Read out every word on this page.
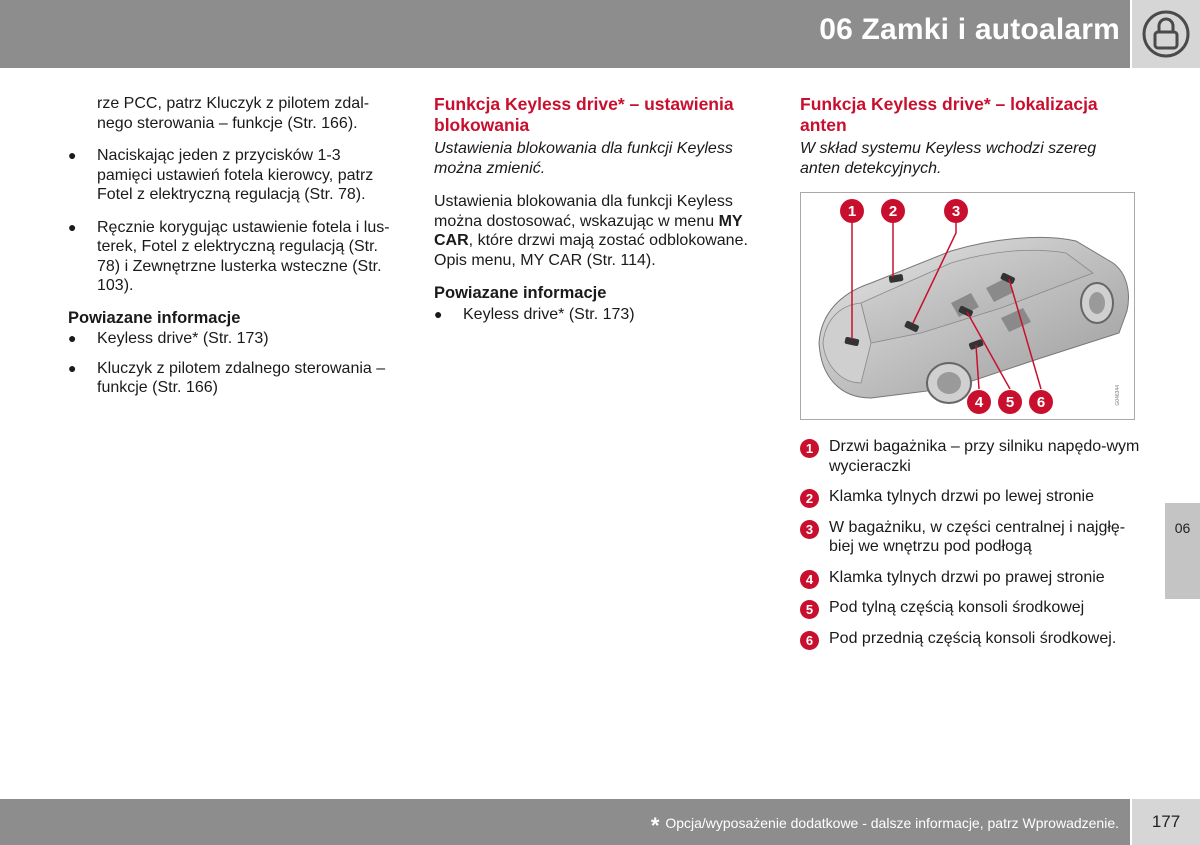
06 Zamki i autoalarm

rze PCC, patrz Kluczyk z pilotem zdal-nego sterowania – funkcje (Str. 166).

● Naciskając jeden z przycisków 1-3 pamięci ustawień fotela kierowcy, patrz Fotel z elektryczną regulacją (Str. 78).
● Ręcznie korygując ustawienie fotela i lus-terek, Fotel z elektryczną regulacją (Str. 78) i Zewnętrzne lusterka wsteczne (Str. 103).
Powiazane informacje
● Keyless drive* (Str. 173)
● Kluczyk z pilotem zdalnego sterowania – funkcje (Str. 166)
Funkcja Keyless drive* – ustawienia blokowania

Ustawienia blokowania dla funkcji Keyless można zmienić.

Ustawienia blokowania dla funkcji Keyless można dostosować, wskazując w menu MY CAR, które drzwi mają zostać odblokowane. Opis menu, MY CAR (Str. 114).

Powiazane informacje
● Keyless drive* (Str. 173)
Funkcja Keyless drive* – lokalizacja anten

W skład systemu Keyless wchodzi szereg anten detekcyjnych.

1 2	3
4 5 6	G046344
1 Drzwi bagażnika – przy silniku napędo-wym wycieraczki
2 Klamka tylnych drzwi po lewej stronie
3 W bagażniku, w części centralnej i najgłę-biej we wnętrzu pod podłogą
4 Klamka tylnych drzwi po prawej stronie
5 Pod tylną częścią konsoli środkowej
6 Pod przednią częścią konsoli środkowej.
06
* Opcja/wyposażenie dodatkowe - dalsze informacje, patrz Wprowadzenie.	177
